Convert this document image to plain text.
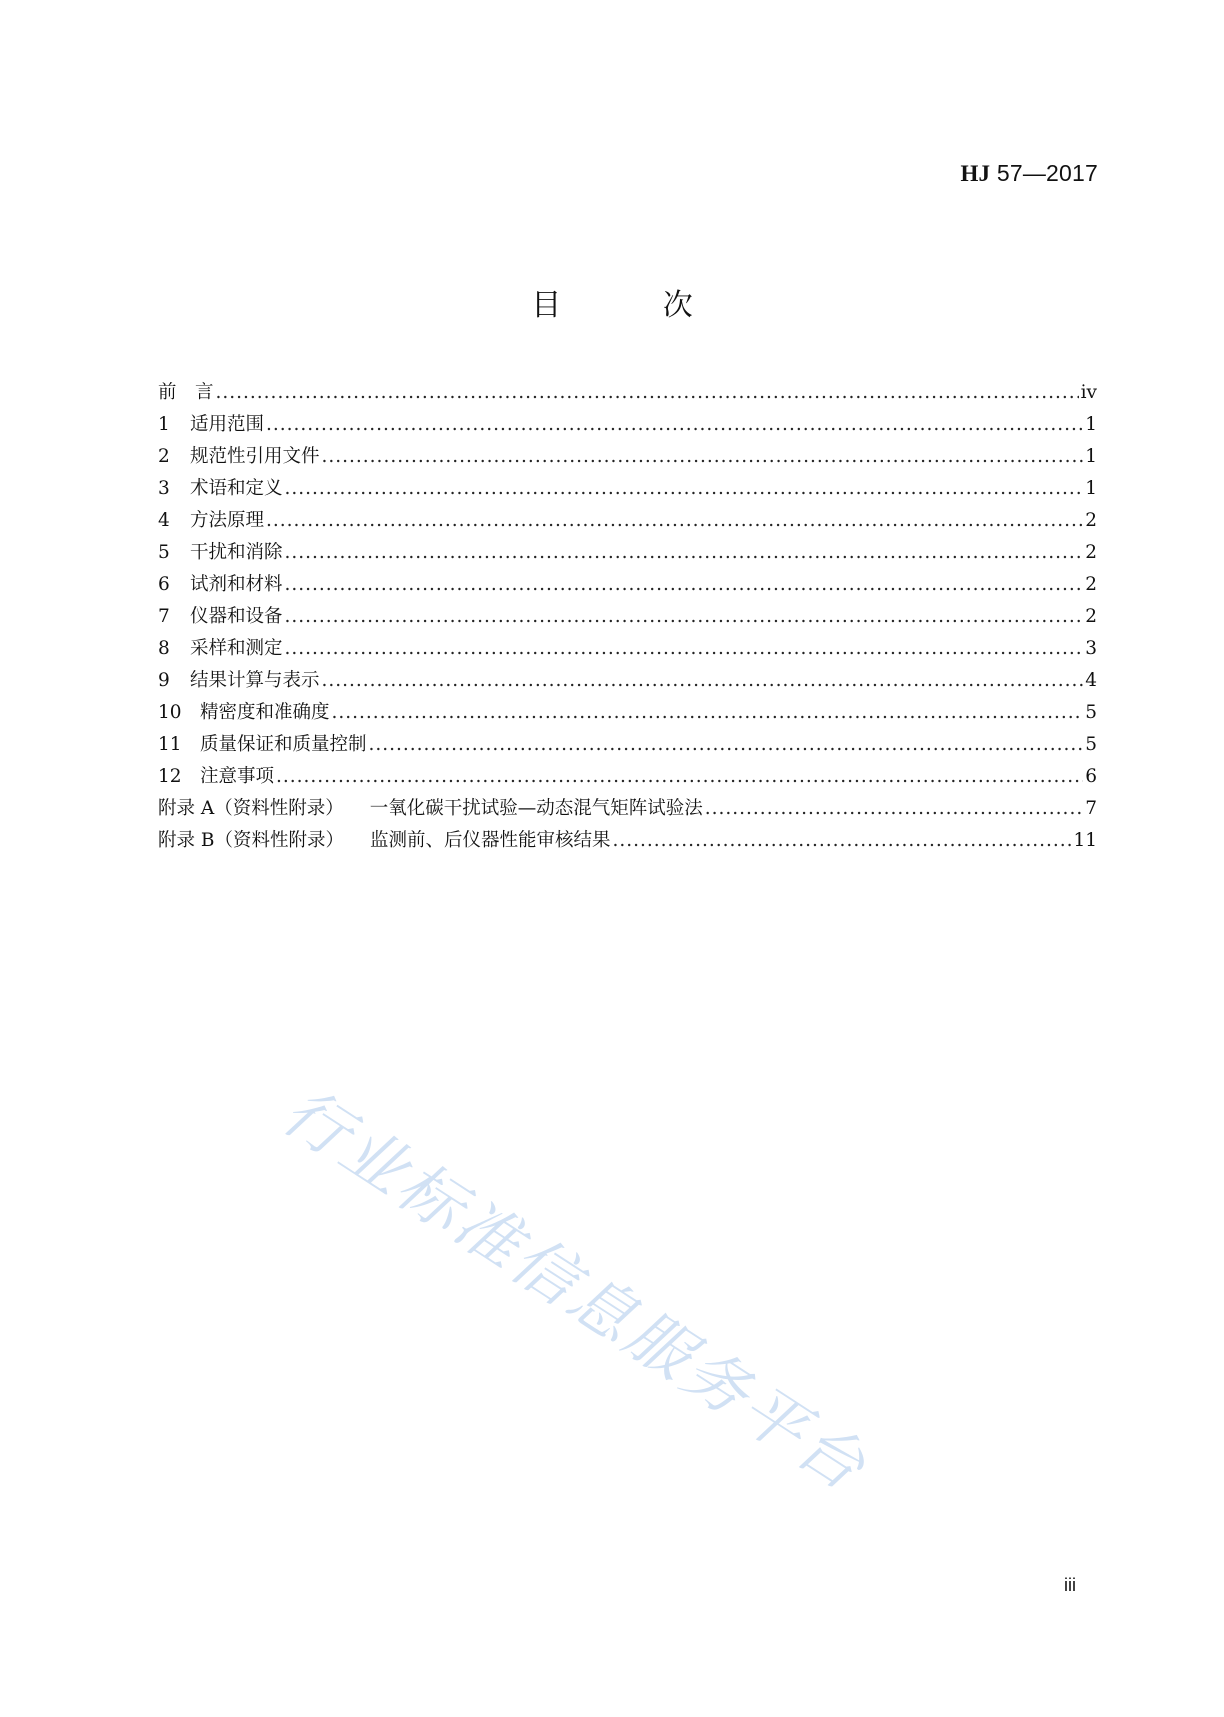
HJ 57—2017
目 次
前　言 .....	iv
1 适用范围 .....	1
2 规范性引用文件 .....	1
3 术语和定义 .....	1
4 方法原理 .....	2
5 干扰和消除 .....	2
6 试剂和材料 .....	2
7 仪器和设备 .....	2
8 采样和测定 .....	3
9 结果计算与表示 .....	4
10 精密度和准确度 .....	5
11 质量保证和质量控制 .....	5
12 注意事项 .....	6
附录 A（资料性附录） 一氧化碳干扰试验—动态混气矩阵试验法 .....	7
附录 B（资料性附录） 监测前、后仪器性能审核结果 .....	11
行业标准信息服务平台
iii
